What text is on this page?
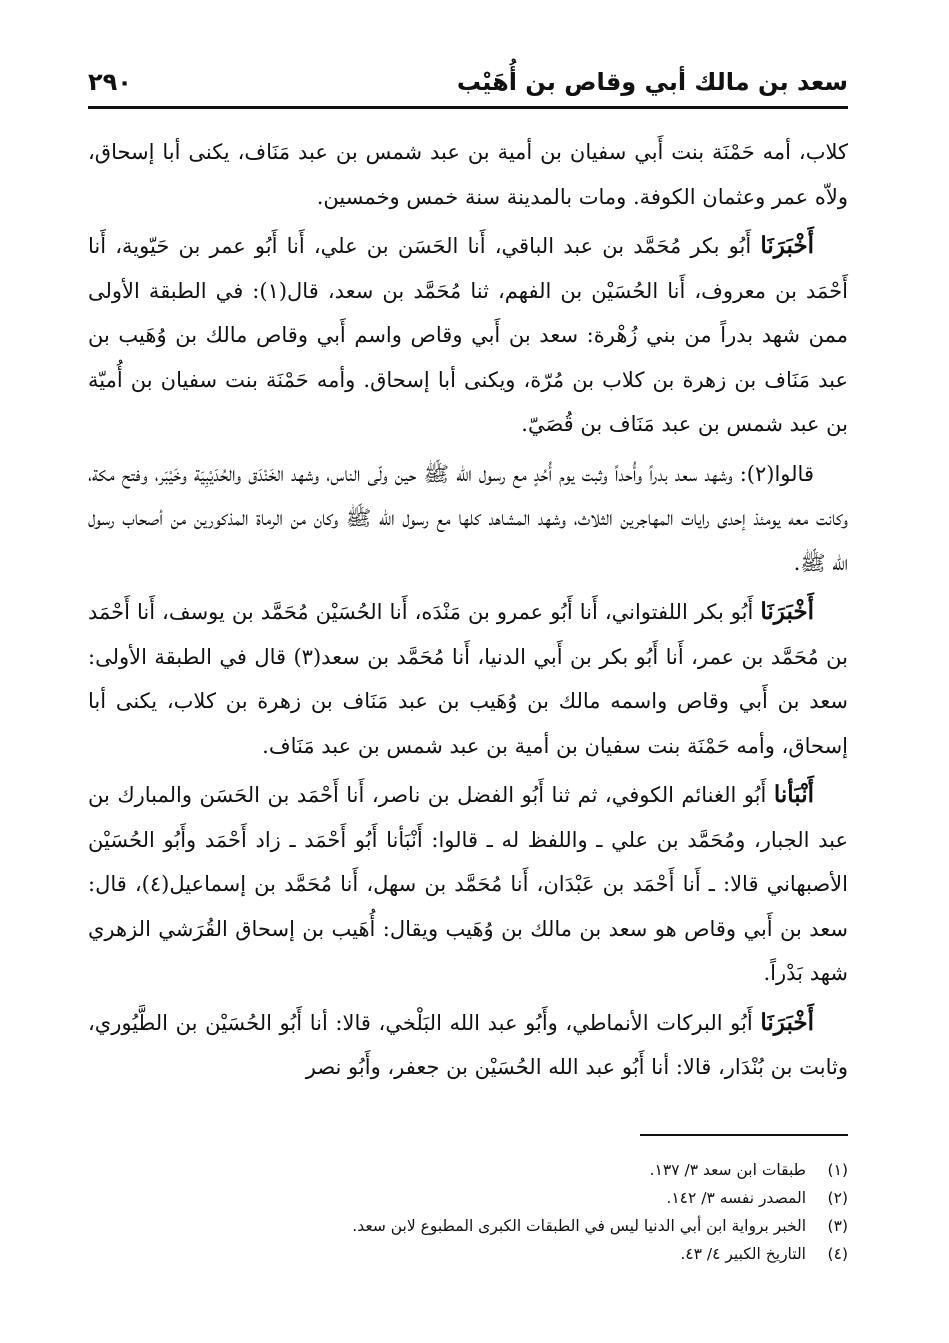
سعد بن مالك أبي وقاص بن أُهَيْب
٢٩٠

كلاب، أمه حَمْنَة بنت أَبي سفيان بن أمية بن عبد شمس بن عبد مَنَاف، يكنى أبا إسحاق، ولاّه عمر وعثمان الكوفة. ومات بالمدينة سنة خمس وخمسين.

أَخْبَرَنَا أَبُو بكر مُحَمَّد بن عبد الباقي، أَنا الحَسَن بن علي، أَنا أَبُو عمر بن حَيّوية، أَنا أَحْمَد بن معروف، أَنا الحُسَيْن بن الفهم، ثنا مُحَمَّد بن سعد، قال(١): في الطبقة الأولى ممن شهد بدراً من بني زُهْرة: سعد بن أَبي وقاص واسم أَبي وقاص مالك بن وُهَيب بن عبد مَنَاف بن زهرة بن كلاب بن مُرّة، ويكنى أبا إسحاق. وأمه حَمْنَة بنت سفيان بن أُميّة بن عبد شمس بن عبد مَنَاف بن قُصَيّ.

قالوا(٢): وشهد سعد بدراً وأُحداً وثبت يوم أُحُدٍ مع رسول الله ﷺ حين ولّى الناس، وشهد الخَنْدَق والحُدَيْبِيَة وخَيْبَر، وفتح مكة، وكانت معه يومئذ إحدى رايات المهاجرين الثلاث، وشهد المشاهد كلها مع رسول الله ﷺ وكان من الرماة المذكورين من أصحاب رسول الله ﷺ.

أَخْبَرَنَا أَبُو بكر اللفتواني، أَنا أَبُو عمرو بن مَنْدَه، أَنا الحُسَيْن مُحَمَّد بن يوسف، أَنا أَحْمَد بن مُحَمَّد بن عمر، أَنا أَبُو بكر بن أَبي الدنيا، أَنا مُحَمَّد بن سعد(٣) قال في الطبقة الأولى: سعد بن أَبي وقاص واسمه مالك بن وُهَيب بن عبد مَنَاف بن زهرة بن كلاب، يكنى أبا إسحاق، وأمه حَمْنَة بنت سفيان بن أمية بن عبد شمس بن عبد مَنَاف.

أَنْبَأنا أَبُو الغنائم الكوفي، ثم ثنا أَبُو الفضل بن ناصر، أَنا أَحْمَد بن الحَسَن والمبارك بن عبد الجبار، ومُحَمَّد بن علي ـ واللفظ له ـ قالوا: أَنْبَأنا أَبُو أَحْمَد ـ زاد أَحْمَد وأَبُو الحُسَيْن الأصبهاني قالا: ـ أَنا أَحْمَد بن عَبْدَان، أَنا مُحَمَّد بن سهل، أَنا مُحَمَّد بن إسماعيل(٤)، قال: سعد بن أَبي وقاص هو سعد بن مالك بن وُهَيب ويقال: أُهَيب بن إسحاق القُرَشي الزهري شهد بَدْراً.

أَخْبَرَنَا أَبُو البركات الأنماطي، وأَبُو عبد الله البَلْخي، قالا: أنا أَبُو الحُسَيْن بن الطَّيُوري، وثابت بن بُنْدَار، قالا: أنا أَبُو عبد الله الحُسَيْن بن جعفر، وأَبُو نصر

(١)
طبقات ابن سعد ٣/ ١٣٧.
(٢)
المصدر نفسه ٣/ ١٤٢.
(٣)
الخبر برواية ابن أبي الدنيا ليس في الطبقات الكبرى المطبوع لابن سعد.
(٤)
التاريخ الكبير ٤/ ٤٣.
